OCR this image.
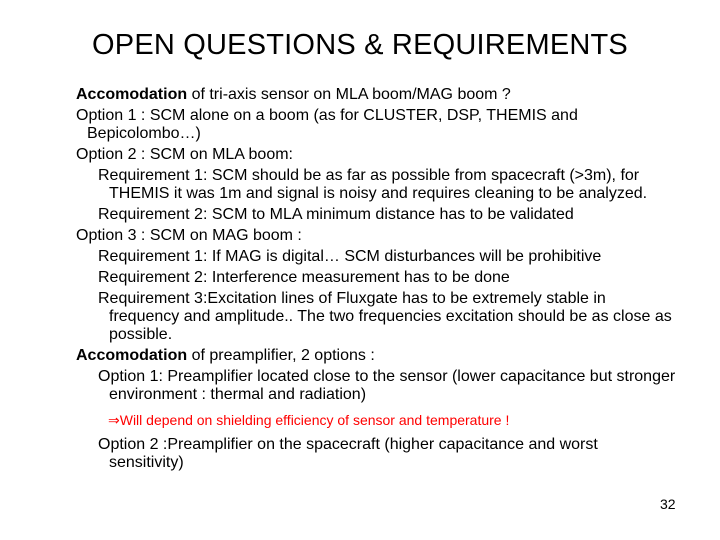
OPEN QUESTIONS & REQUIREMENTS
Accomodation of tri-axis sensor on MLA boom/MAG boom ?
Option 1 : SCM alone on a boom (as for CLUSTER, DSP, THEMIS and Bepicolombo…)
Option 2 : SCM on MLA boom:
Requirement 1: SCM should be as far as possible from spacecraft (>3m), for THEMIS it was 1m and signal is noisy and requires cleaning to be analyzed.
Requirement 2: SCM to MLA minimum distance has to be validated
Option 3 : SCM on MAG boom :
Requirement 1: If MAG is digital… SCM disturbances will be prohibitive
Requirement 2: Interference measurement has to be done
Requirement 3:Excitation lines of Fluxgate has to be extremely stable in frequency and amplitude.. The two frequencies excitation should be as close as possible.
Accomodation of preamplifier, 2 options :
Option 1: Preamplifier located close to the sensor (lower capacitance but stronger environment : thermal and radiation)
⇒Will depend on shielding efficiency of sensor and temperature !
Option 2 :Preamplifier on the spacecraft (higher capacitance and worst sensitivity)
32
